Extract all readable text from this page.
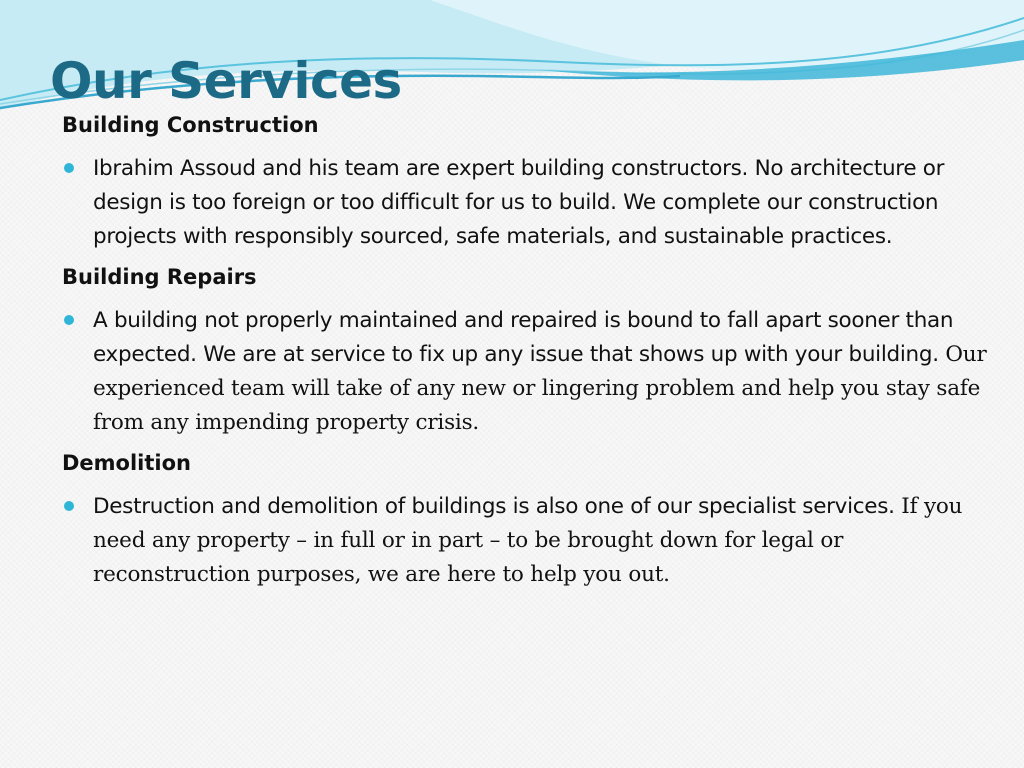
Our Services
Building Construction
Ibrahim Assoud and his team are expert building constructors. No architecture or design is too foreign or too difficult for us to build. We complete our construction projects with responsibly sourced, safe materials, and sustainable practices.
Building Repairs
A building not properly maintained and repaired is bound to fall apart sooner than expected. We are at service to fix up any issue that shows up with your building. Our experienced team will take of any new or lingering problem and help you stay safe from any impending property crisis.
Demolition
Destruction and demolition of buildings is also one of our specialist services. If you need any property – in full or in part – to be brought down for legal or reconstruction purposes, we are here to help you out.
